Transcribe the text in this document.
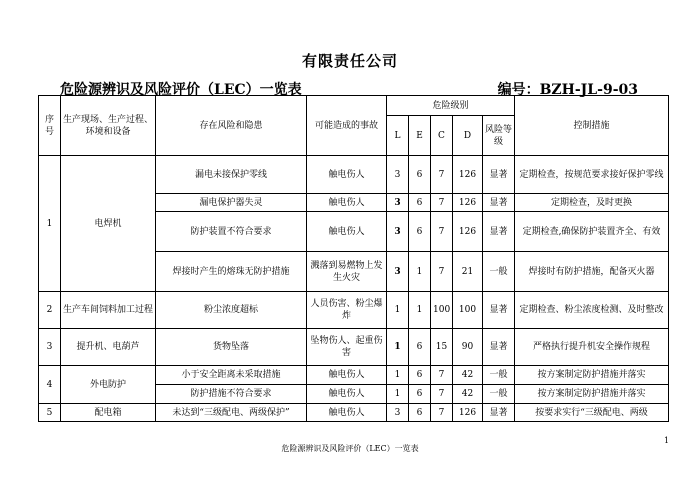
有限责任公司
危险源辨识及风险评价（LEC）一览表	编号：BZH-JL-9-03
序号	生产现场、生产过程、环境和设备	存在风险和隐患	可能造成的事故	危险级别					控制措施
				L	E	C	D	风险等级	
1	电焊机	漏电未接保护零线	触电伤人	3	6	7	126	显著	定期检查，按规范要求接好保护零线
		漏电保护器失灵	触电伤人	3	6	7	126	显著	定期检查，及时更换
		防护装置不符合要求	触电伤人	3	6	7	126	显著	定期检查,确保防护装置齐全、有效
		焊接时产生的熔珠无防护措施	溅落到易燃物上发生火灾	3	1	7	21	一般	焊接时有防护措施，配备灭火器
2	生产车间饲料加工过程	粉尘浓度超标	人员伤害、粉尘爆炸	1	1	100	100	显著	定期检查、粉尘浓度检测、及时整改
3	提升机、电葫芦	货物坠落	坠物伤人、起重伤害	1	6	15	90	显著	严格执行提升机安全操作规程
4	外电防护	小于安全距离未采取措施	触电伤人	1	6	7	42	一般	按方案制定防护措施并落实
		防护措施不符合要求	触电伤人	1	6	7	42	一般	按方案制定防护措施并落实
5	配电箱	未达到“三级配电、两级保护”	触电伤人	3	6	7	126	显著	按要求实行“三级配电、两级
1
危险源辨识及风险评价（LEC）一览表
